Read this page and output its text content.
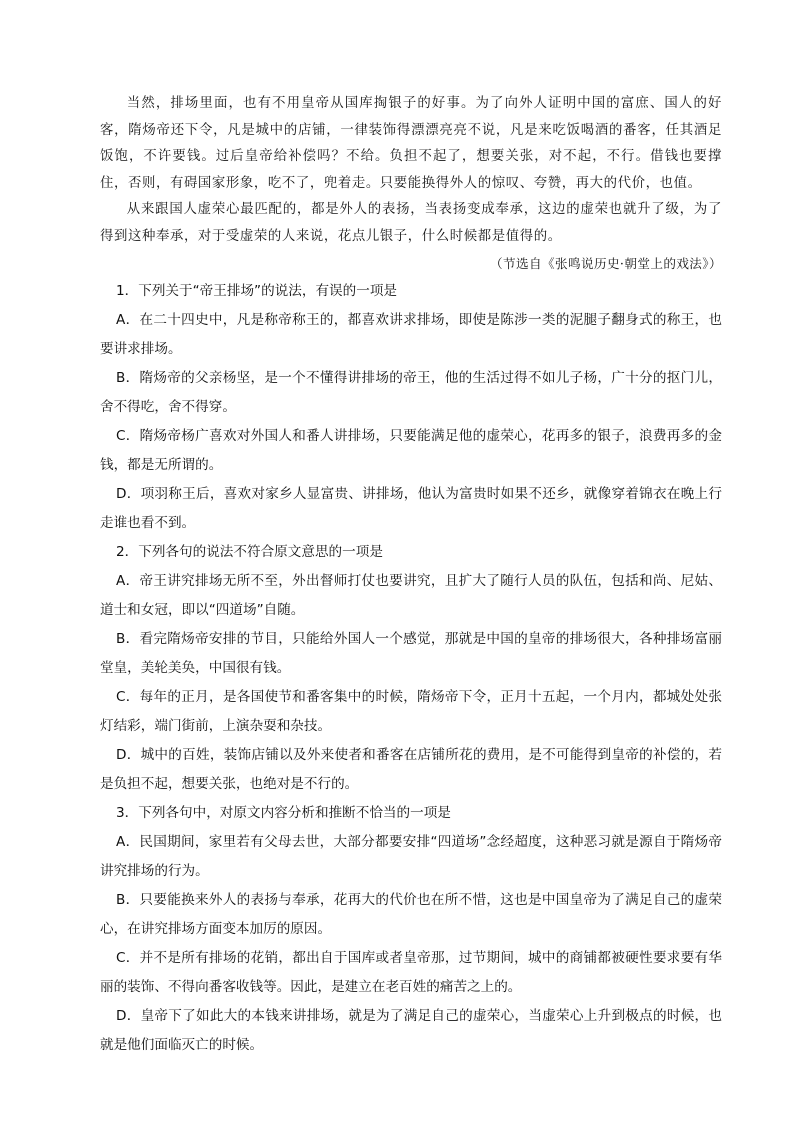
当然，排场里面，也有不用皇帝从国库掏银子的好事。为了向外人证明中国的富庶、国人的好客，隋炀帝还下令，凡是城中的店铺，一律装饰得漂漂亮亮不说，凡是来吃饭喝酒的番客，任其酒足饭饱，不许要钱。过后皇帝给补偿吗？不给。负担不起了，想要关张，对不起，不行。借钱也要撑住，否则，有碍国家形象，吃不了，兜着走。只要能换得外人的惊叹、夸赞，再大的代价，也值。

从来跟国人虚荣心最匹配的，都是外人的表扬，当表扬变成奉承，这边的虚荣也就升了级，为了得到这种奉承，对于受虚荣的人来说，花点儿银子，什么时候都是值得的。

（节选自《张鸣说历史·朝堂上的戏法》）

1．下列关于“帝王排场”的说法，有误的一项是

A．在二十四史中，凡是称帝称王的，都喜欢讲求排场，即使是陈涉一类的泥腿子翻身式的称王，也要讲求排场。

B．隋炀帝的父亲杨坚，是一个不懂得讲排场的帝王，他的生活过得不如儿子杨，广十分的抠门儿，舍不得吃，舍不得穿。

C．隋炀帝杨广喜欢对外国人和番人讲排场，只要能满足他的虚荣心，花再多的银子，浪费再多的金钱，都是无所谓的。

D．项羽称王后，喜欢对家乡人显富贵、讲排场，他认为富贵时如果不还乡，就像穿着锦衣在晚上行走谁也看不到。

2．下列各句的说法不符合原文意思的一项是

A．帝王讲究排场无所不至，外出督师打仗也要讲究，且扩大了随行人员的队伍，包括和尚、尼姑、道士和女冠，即以“四道场”自随。

B．看完隋炀帝安排的节目，只能给外国人一个感觉，那就是中国的皇帝的排场很大，各种排场富丽堂皇，美轮美奂，中国很有钱。

C．每年的正月，是各国使节和番客集中的时候，隋炀帝下令，正月十五起，一个月内，都城处处张灯结彩，端门街前，上演杂耍和杂技。

D．城中的百姓，装饰店铺以及外来使者和番客在店铺所花的费用，是不可能得到皇帝的补偿的，若是负担不起，想要关张，也绝对是不行的。

3．下列各句中，对原文内容分析和推断不恰当的一项是

A．民国期间，家里若有父母去世，大部分都要安排“四道场”念经超度，这种恶习就是源自于隋炀帝讲究排场的行为。

B．只要能换来外人的表扬与奉承，花再大的代价也在所不惜，这也是中国皇帝为了满足自己的虚荣心，在讲究排场方面变本加厉的原因。

C．并不是所有排场的花销，都出自于国库或者皇帝那，过节期间，城中的商铺都被硬性要求要有华丽的装饰、不得向番客收钱等。因此，是建立在老百姓的痛苦之上的。

D．皇帝下了如此大的本钱来讲排场，就是为了满足自己的虚荣心，当虚荣心上升到极点的时候，也就是他们面临灭亡的时候。
